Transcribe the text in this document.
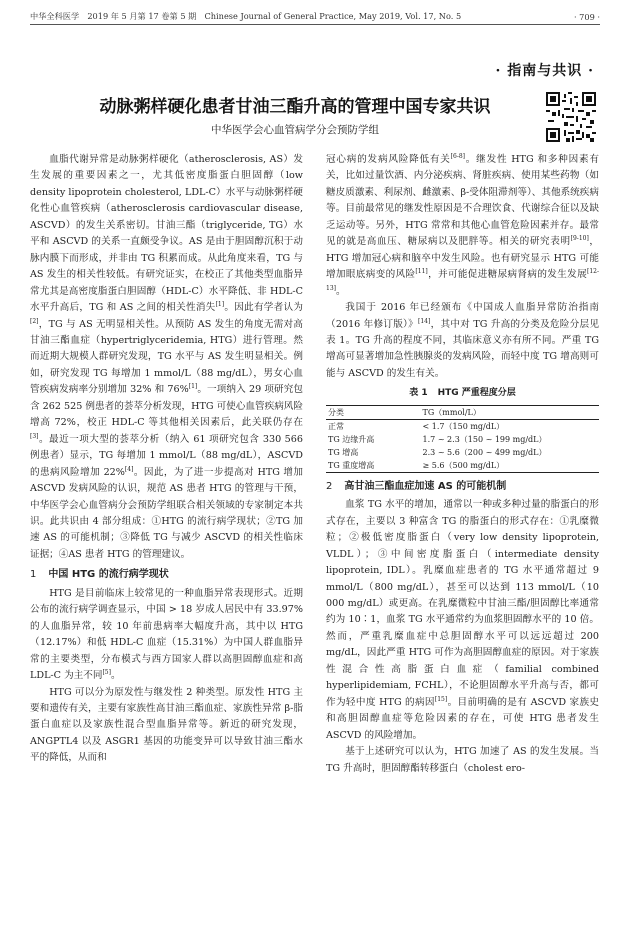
中华全科医学　2019 年 5 月第 17 卷第 5 期　Chinese Journal of General Practice, May 2019, Vol. 17, No. 5	· 709 ·
· 指南与共识 ·
动脉粥样硬化患者甘油三酯升高的管理中国专家共识
中华医学会心血管病学分会预防学组

血脂代谢异常是动脉粥样硬化（atherosclerosis, AS）发生发展的重要因素之一，尤其低密度脂蛋白胆固醇（low density lipoprotein cholesterol, LDL-C）水平与动脉粥样硬化性心血管疾病（atherosclerosis cardiovascular disease, ASCVD）的发生关系密切。甘油三酯（triglyceride, TG）水平和 ASCVD 的关系一直颇受争议。AS 是由于胆固醇沉积于动脉内膜下而形成，并非由 TG 积累而成。从此角度来看，TG 与 AS 发生的相关性较低。有研究证实，在校正了其他类型血脂异常尤其是高密度脂蛋白胆固醇（HDL-C）水平降低、非 HDL-C 水平升高后，TG 和 AS 之间的相关性消失[1]。因此有学者认为[2]，TG 与 AS 无明显相关性。从预防 AS 发生的角度无需对高甘油三酯血症（hypertriglyceridemia, HTG）进行管理。然而近期大规模人群研究发现，TG 水平与 AS 发生明显相关。例如，研究发现 TG 每增加 1 mmol/L（88 mg/dL），男女心血管疾病发病率分别增加 32% 和 76%[1]。一项纳入 29 项研究包含 262 525 例患者的荟萃分析发现，HTG 可使心血管疾病风险增高 72%，校正 HDL-C 等其他相关因素后，此关联仍存在[3]。最近一项大型的荟萃分析（纳入 61 项研究包含 330 566 例患者）显示，TG 每增加 1 mmol/L（88 mg/dL），ASCVD 的患病风险增加 22%[4]。因此，为了进一步提高对 HTG 增加 ASCVD 发病风险的认识，规范 AS 患者 HTG 的管理与干预，中华医学会心血管病分会预防学组联合相关领域的专家制定本共识。此共识由 4 部分组成：①HTG 的流行病学现状；②TG 加速 AS 的可能机制；③降低 TG 与减少 ASCVD 的相关性临床证据；④AS 患者 HTG 的管理建议。

1 中国 HTG 的流行病学现状

HTG 是目前临床上较常见的一种血脂异常表现形式。近期公布的流行病学调查显示，中国 > 18 岁成人居民中有 33.97% 的人血脂异常，较 10 年前患病率大幅度升高，其中以 HTG（12.17%）和低 HDL-C 血症（15.31%）为中国人群血脂异常的主要类型，分布模式与西方国家人群以高胆固醇血症和高 LDL-C 为主不同[5]。

HTG 可以分为原发性与继发性 2 种类型。原发性 HTG 主要和遗传有关，主要有家族性高甘油三酯血症、家族性异常 β-脂蛋白血症以及家族性混合型血脂异常等。新近的研究发现，ANGPTL4 以及 ASGR1 基因的功能变异可以导致甘油三酯水平的降低，从而和

冠心病的发病风险降低有关[6-8]。继发性 HTG 和多种因素有关，比如过量饮酒、内分泌疾病、肾脏疾病、使用某些药物（如糖皮质激素、利尿剂、雌激素、β-受体阻滞剂等）、其他系统疾病等。目前最常见的继发性原因是不合理饮食、代谢综合征以及缺乏运动等。另外，HTG 常常和其他心血管危险因素并存。最常见的就是高血压、糖尿病以及肥胖等。相关的研究表明[9-10]，HTG 增加冠心病和脑卒中发生风险。也有研究显示 HTG 可能增加眼底病变的风险[11]，并可能促进糖尿病肾病的发生发展[12-13]。

我国于 2016 年已经颁布《中国成人血脂异常防治指南（2016 年修订版）》[14]，其中对 TG 升高的分类及危险分层见表 1。TG 升高的程度不同，其临床意义亦有所不同。严重 TG 增高可显著增加急性胰腺炎的发病风险，而轻中度 TG 增高则可能与 ASCVD 的发生有关。

表 1 HTG 严重程度分层
分类	TG（mmol/L）
正常	< 1.7（150 mg/dL）
TG 边缘升高	1.7 ~ 2.3（150 ~ 199 mg/dL）
TG 增高	2.3 ~ 5.6（200 ~ 499 mg/dL）
TG 重度增高	≥ 5.6（500 mg/dL）
2 高甘油三酯血症加速 AS 的可能机制

血浆 TG 水平的增加，通常以一种或多种过量的脂蛋白的形式存在，主要以 3 种富含 TG 的脂蛋白的形式存在：①乳糜微粒；②极低密度脂蛋白（very low density lipoprotein, VLDL）；③中间密度脂蛋白（intermediate density lipoprotein, IDL）。乳糜血症患者的 TG 水平通常超过 9 mmol/L（800 mg/dL），甚至可以达到 113 mmol/L（10 000 mg/dL）或更高。在乳糜微粒中甘油三酯/胆固醇比率通常约为 10∶1，血浆 TG 水平通常约为血浆胆固醇水平的 10 倍。然而，严重乳糜血症中总胆固醇水平可以远远超过 200 mg/dL，因此严重 HTG 可作为高胆固醇血症的原因。对于家族性混合性高脂蛋白血症（familial combined hyperlipidemiam, FCHL），不论胆固醇水平升高与否，都可作为轻中度 HTG 的病因[15]。目前明确的是有 ASCVD 家族史和高胆固醇血症等危险因素的存在，可使 HTG 患者发生 ASCVD 的风险增加。

基于上述研究可以认为，HTG 加速了 AS 的发生发展。当 TG 升高时，胆固醇酯转移蛋白（cholest ero-
